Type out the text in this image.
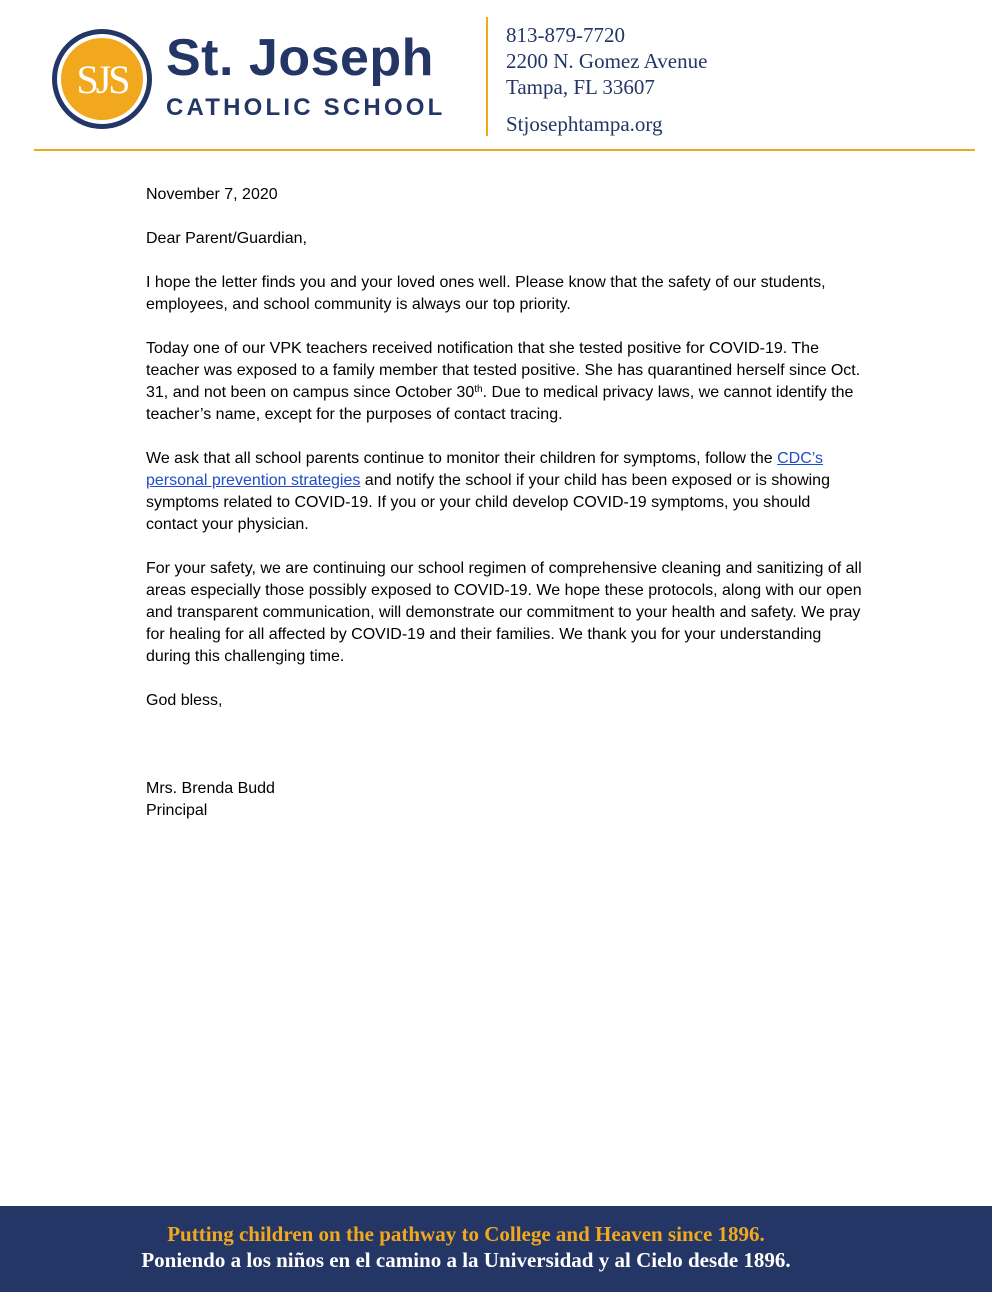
SJS St. Joseph
CATHOLIC SCHOOL
813-879-7720
2200 N. Gomez Avenue
Tampa, FL 33607
Stjosephtampa.org

November 7, 2020

Dear Parent/Guardian,

I hope the letter finds you and your loved ones well. Please know that the safety of our students, employees, and school community is always our top priority.

Today one of our VPK teachers received notification that she tested positive for COVID-19. The teacher was exposed to a family member that tested positive. She has quarantined herself since Oct. 31, and not been on campus since October 30th. Due to medical privacy laws, we cannot identify the teacher’s name, except for the purposes of contact tracing.

We ask that all school parents continue to monitor their children for symptoms, follow the CDC’s personal prevention strategies and notify the school if your child has been exposed or is showing symptoms related to COVID-19. If you or your child develop COVID-19 symptoms, you should contact your physician.

For your safety, we are continuing our school regimen of comprehensive cleaning and sanitizing of all areas especially those possibly exposed to COVID-19. We hope these protocols, along with our open and transparent communication, will demonstrate our commitment to your health and safety. We pray for healing for all affected by COVID-19 and their families. We thank you for your understanding during this challenging time.

God bless,

Mrs. Brenda Budd

Principal

Putting children on the pathway to College and Heaven since 1896.
Poniendo a los niños en el camino a la Universidad y al Cielo desde 1896.
